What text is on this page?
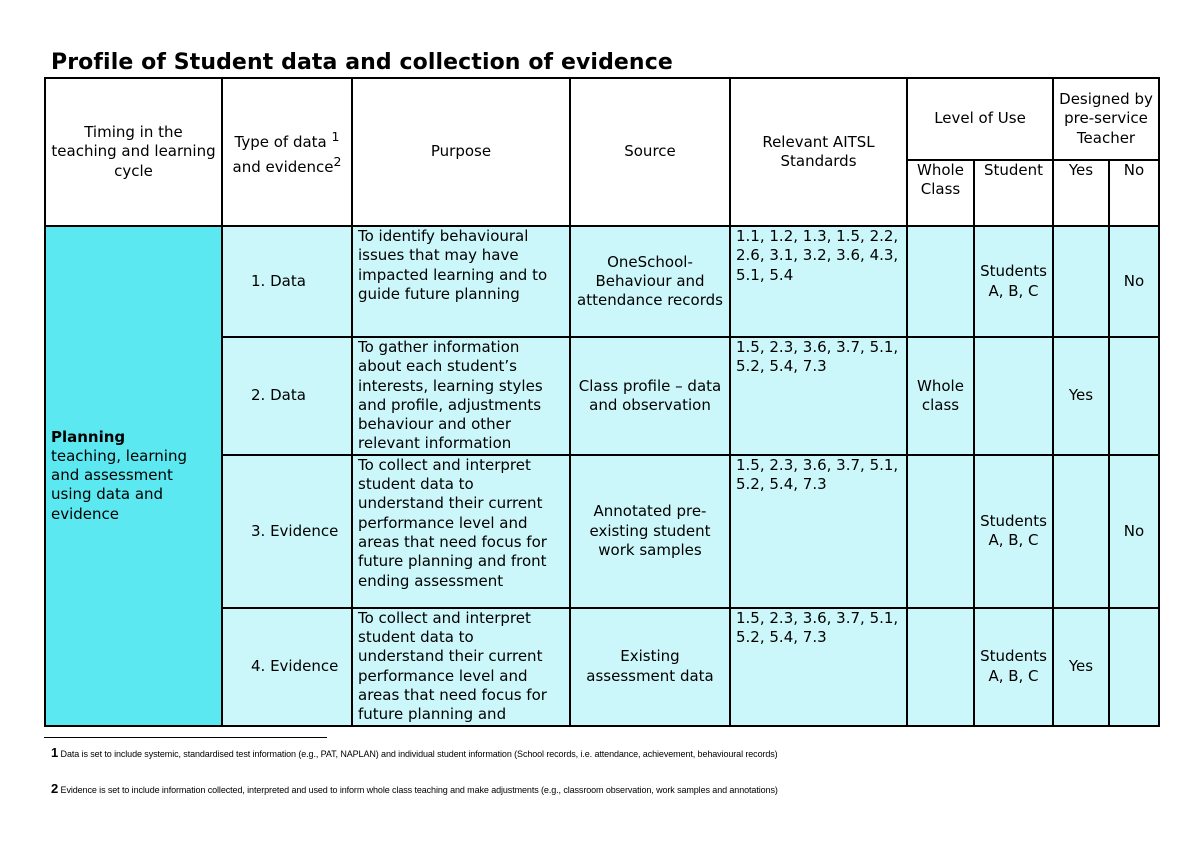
Profile of Student data and collection of evidence
Timing in the teaching and learning cycle	Type of data $^1$ and evidence$^2$	Purpose	Source	Relevant AITSL Standards	Level of Use		Designed by pre-service Teacher	
					Whole Class	Student	Yes	No

Planning
teaching, learning and assessment using data and evidence	1. Data	To identify behavioural issues that may have impacted learning and to guide future planning	OneSchool- Behaviour and attendance records	1.1, 1.2, 1.3, 1.5, 2.2, 2.6, 3.1, 3.2, 3.6, 4.3, 5.1, 5.4		Students A, B, C		No
	2. Data	To gather information about each student’s interests, learning styles and profile, adjustments behaviour and other relevant information	Class profile – data and observation	1.5, 2.3, 3.6, 3.7, 5.1, 5.2, 5.4, 7.3	Whole class		Yes	
	3. Evidence	To collect and interpret student data to understand their current performance level and areas that need focus for future planning and front ending assessment	Annotated pre-existing student work samples	1.5, 2.3, 3.6, 3.7, 5.1, 5.2, 5.4, 7.3		Students A, B, C		No
	4. Evidence	To collect and interpret student data to understand their current performance level and areas that need focus for future planning and	Existing assessment data	1.5, 2.3, 3.6, 3.7, 5.1, 5.2, 5.4, 7.3		Students A, B, C	Yes	
1 Data is set to include systemic, standardised test information (e.g., PAT, NAPLAN) and individual student information (School records, i.e. attendance, achievement, behavioural records)
2 Evidence is set to include information collected, interpreted and used to inform whole class teaching and make adjustments (e.g., classroom observation, work samples and annotations)
